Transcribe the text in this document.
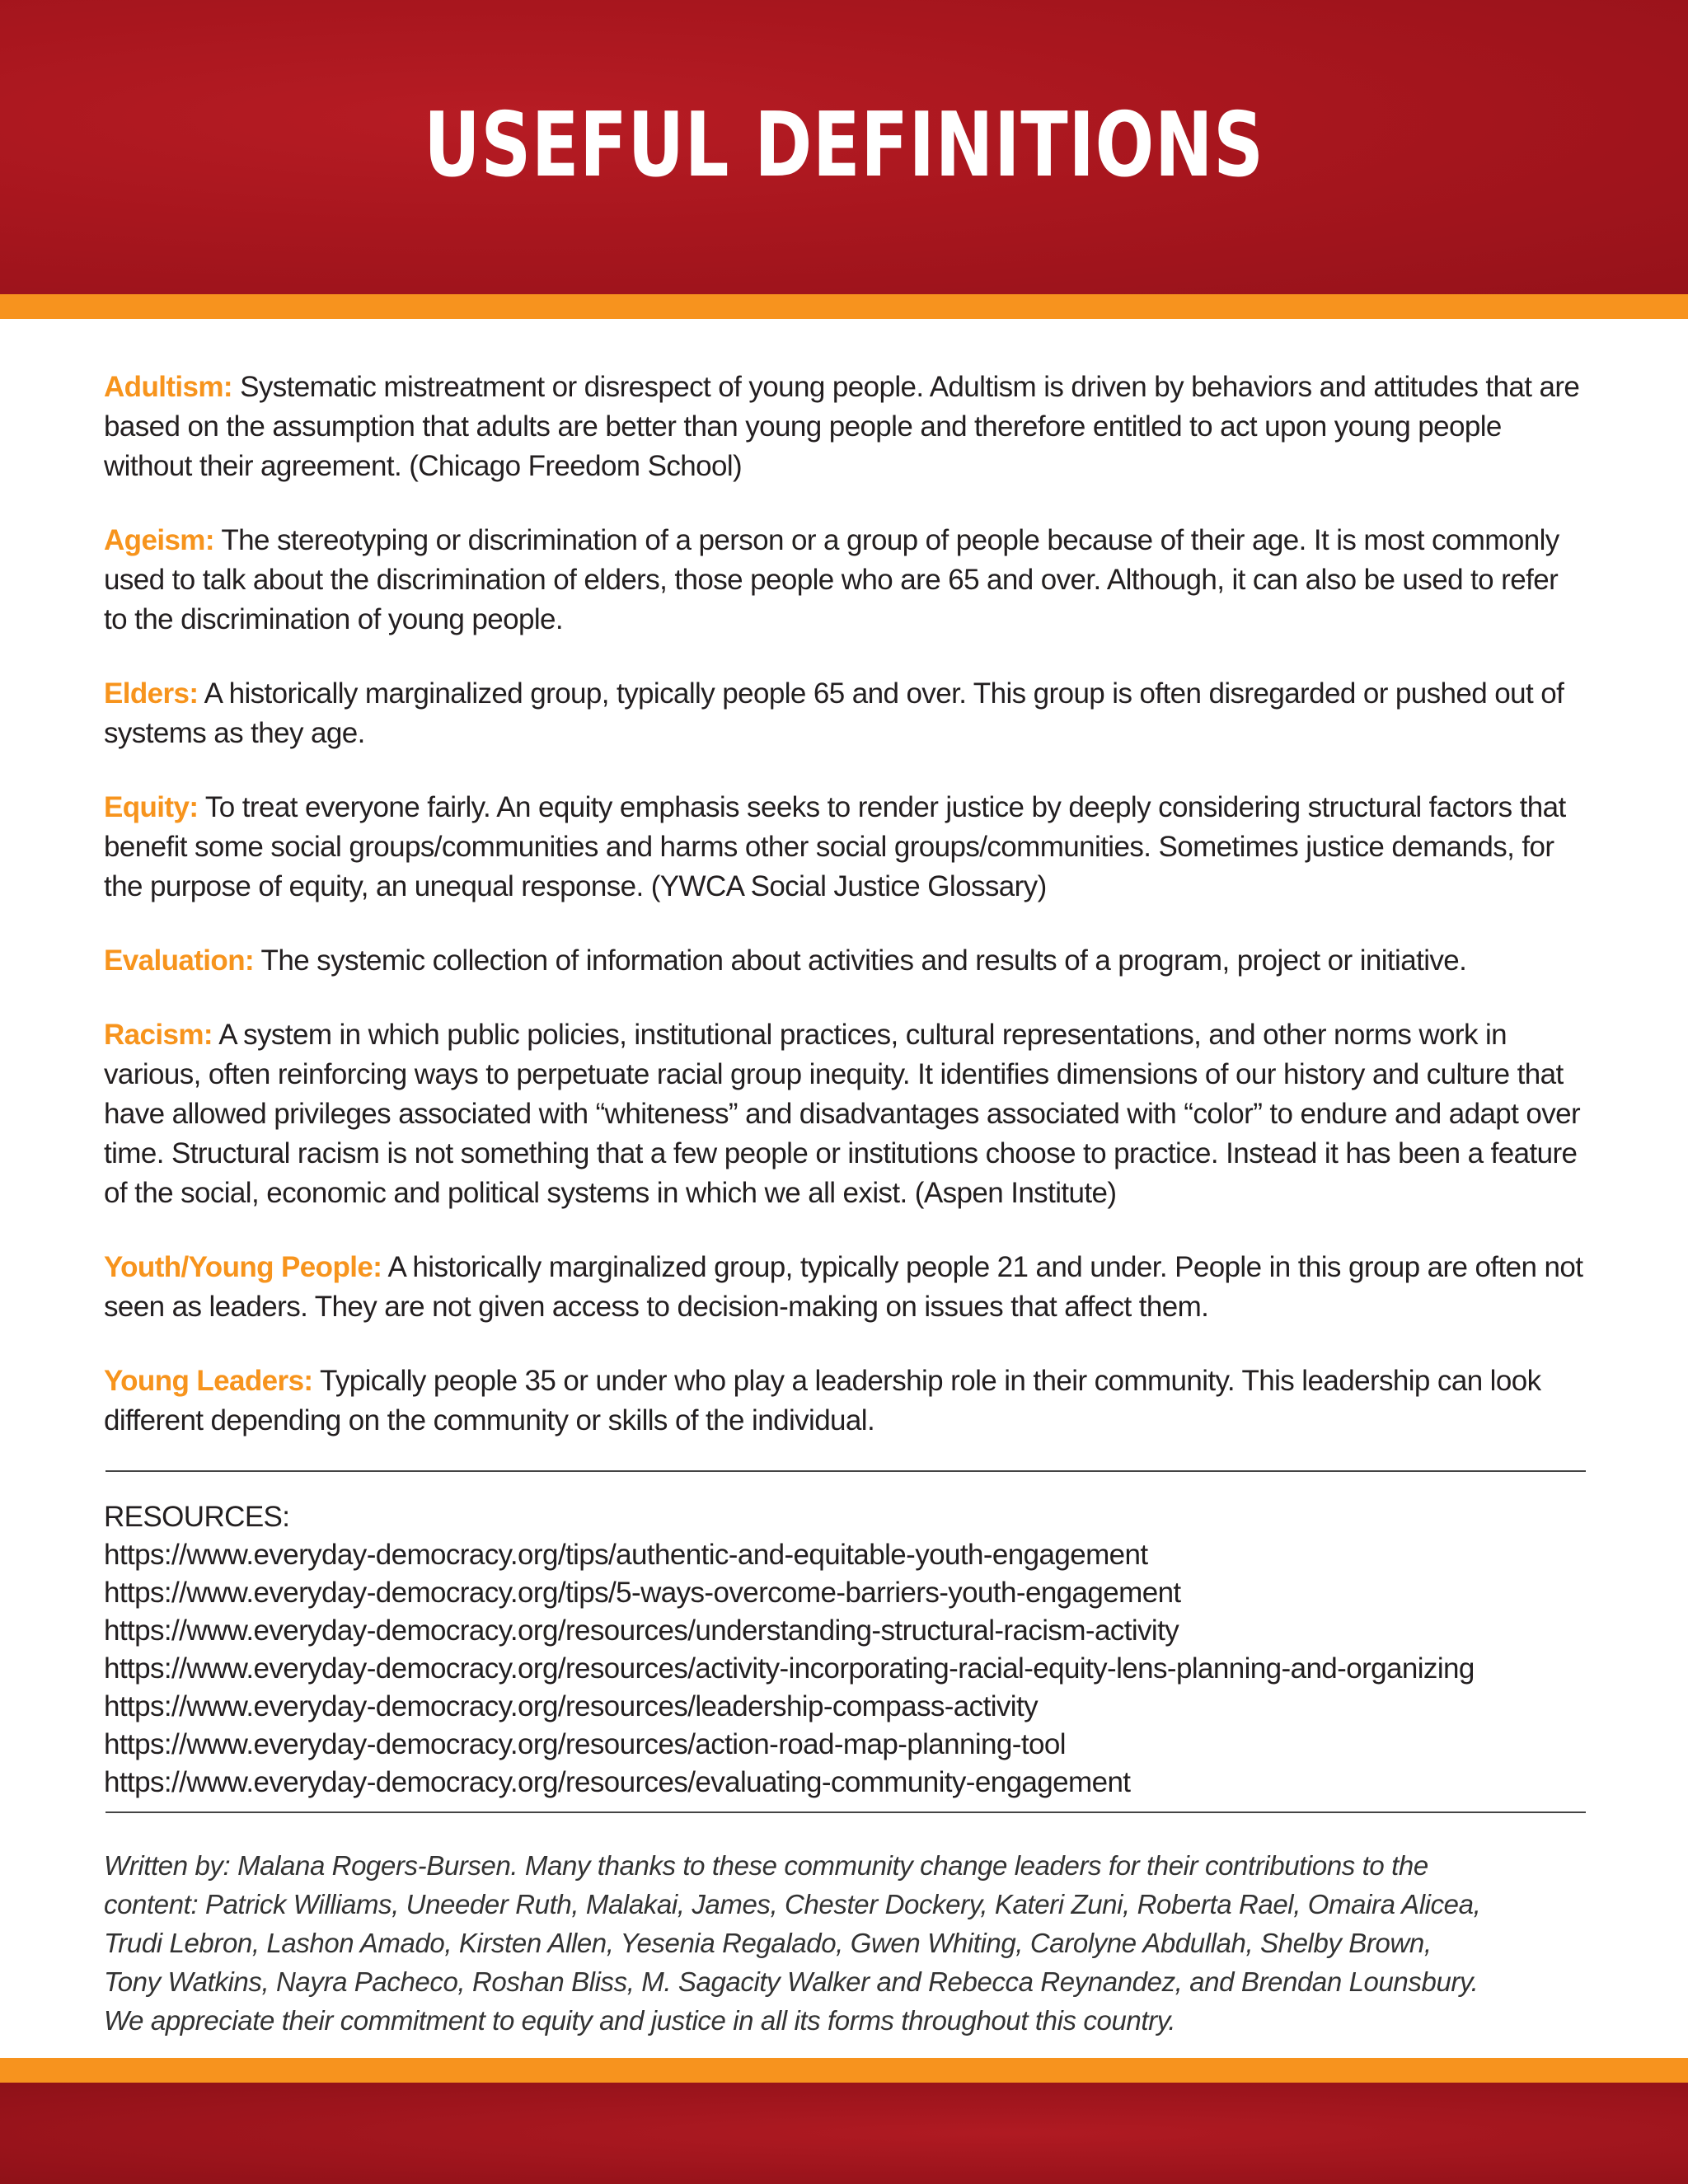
USEFUL DEFINITIONS

Adultism: Systematic mistreatment or disrespect of young people. Adultism is driven by behaviors and attitudes that are based on the assumption that adults are better than young people and therefore entitled to act upon young people without their agreement. (Chicago Freedom School)

Ageism: The stereotyping or discrimination of a person or a group of people because of their age. It is most commonly used to talk about the discrimination of elders, those people who are 65 and over. Although, it can also be used to refer to the discrimination of young people.

Elders: A historically marginalized group, typically people 65 and over. This group is often disregarded or pushed out of systems as they age.

Equity: To treat everyone fairly. An equity emphasis seeks to render justice by deeply considering structural factors that benefit some social groups/communities and harms other social groups/communities. Sometimes justice demands, for the purpose of equity, an unequal response. (YWCA Social Justice Glossary)

Evaluation: The systemic collection of information about activities and results of a program, project or initiative.

Racism: A system in which public policies, institutional practices, cultural representations, and other norms work in various, often reinforcing ways to perpetuate racial group inequity. It identifies dimensions of our history and culture that have allowed privileges associated with “whiteness” and disadvantages associated with “color” to endure and adapt over time. Structural racism is not something that a few people or institutions choose to practice. Instead it has been a feature of the social, economic and political systems in which we all exist. (Aspen Institute)

Youth/Young People: A historically marginalized group, typically people 21 and under. People in this group are often not seen as leaders. They are not given access to decision-making on issues that affect them.

Young Leaders: Typically people 35 or under who play a leadership role in their community. This leadership can look different depending on the community or skills of the individual.

RESOURCES:
https://www.everyday-democracy.org/tips/authentic-and-equitable-youth-engagement
https://www.everyday-democracy.org/tips/5-ways-overcome-barriers-youth-engagement
https://www.everyday-democracy.org/resources/understanding-structural-racism-activity
https://www.everyday-democracy.org/resources/activity-incorporating-racial-equity-lens-planning-and-organizing
https://www.everyday-democracy.org/resources/leadership-compass-activity
https://www.everyday-democracy.org/resources/action-road-map-planning-tool
https://www.everyday-democracy.org/resources/evaluating-community-engagement
Written by: Malana Rogers-Bursen. Many thanks to these community change leaders for their contributions to the
content: Patrick Williams, Uneeder Ruth, Malakai, James, Chester Dockery, Kateri Zuni, Roberta Rael, Omaira Alicea,
Trudi Lebron, Lashon Amado, Kirsten Allen, Yesenia Regalado, Gwen Whiting, Carolyne Abdullah, Shelby Brown,
Tony Watkins, Nayra Pacheco, Roshan Bliss, M. Sagacity Walker and Rebecca Reynandez, and Brendan Lounsbury.
We appreciate their commitment to equity and justice in all its forms throughout this country.
